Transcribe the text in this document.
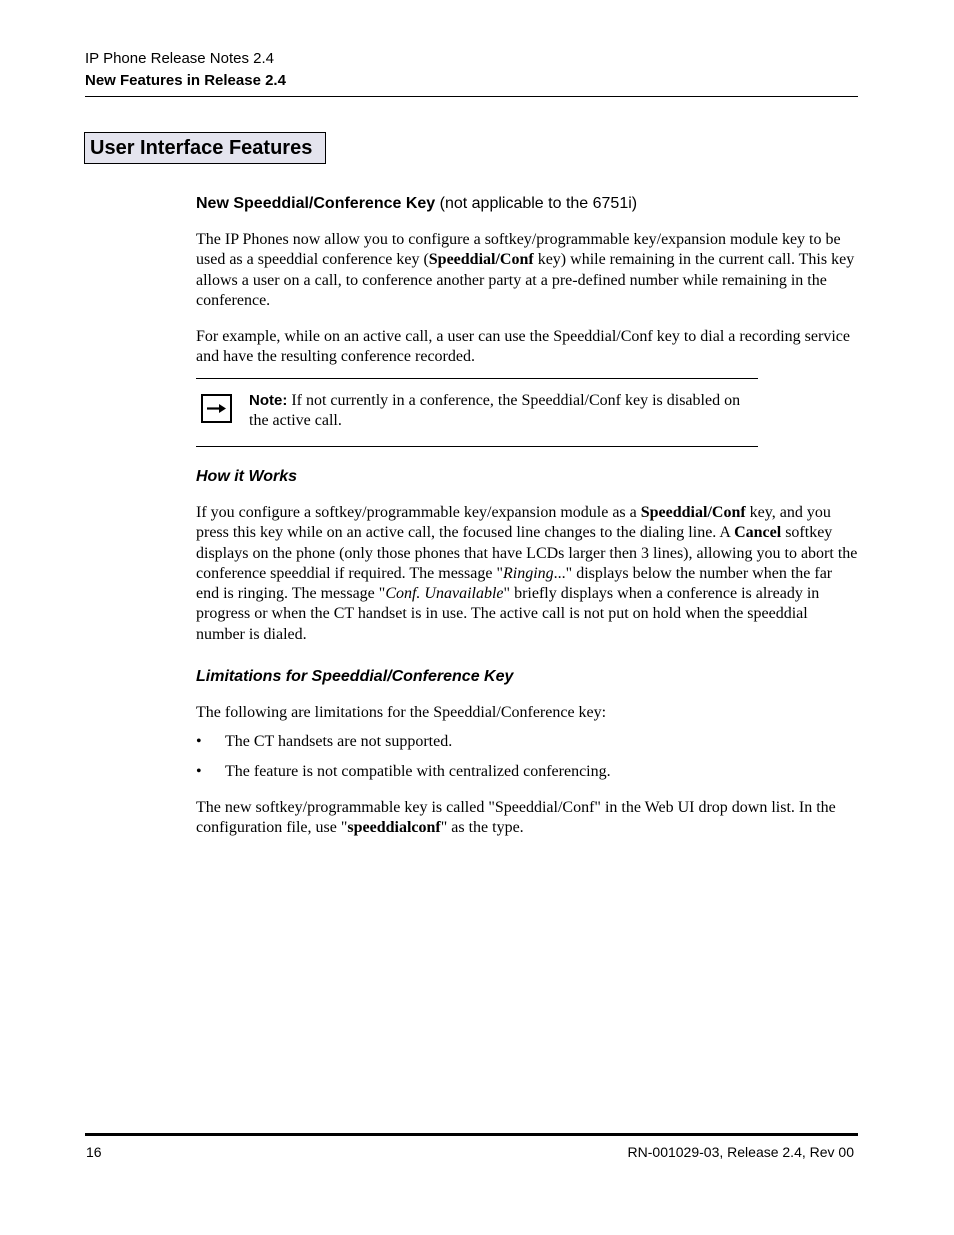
IP Phone Release Notes 2.4
New Features in Release 2.4
User Interface Features
New Speeddial/Conference Key (not applicable to the 6751i)
The IP Phones now allow you to configure a softkey/programmable key/expansion module key to be used as a speeddial conference key (Speeddial/Conf key) while remaining in the current call. This key allows a user on a call, to conference another party at a pre-defined number while remaining in the conference.
For example, while on an active call, a user can use the Speeddial/Conf key to dial a recording service and have the resulting conference recorded.
Note: If not currently in a conference, the Speeddial/Conf key is disabled on the active call.
How it Works
If you configure a softkey/programmable key/expansion module as a Speeddial/Conf key, and you press this key while on an active call, the focused line changes to the dialing line. A Cancel softkey displays on the phone (only those phones that have LCDs larger then 3 lines), allowing you to abort the conference speeddial if required. The message "Ringing..." displays below the number when the far end is ringing. The message "Conf. Unavailable" briefly displays when a conference is already in progress or when the CT handset is in use. The active call is not put on hold when the speeddial number is dialed.
Limitations for Speeddial/Conference Key
The following are limitations for the Speeddial/Conference key:
• The CT handsets are not supported.
• The feature is not compatible with centralized conferencing.
The new softkey/programmable key is called "Speeddial/Conf" in the Web UI drop down list. In the configuration file, use "speeddialconf" as the type.
16	RN-001029-03, Release 2.4, Rev 00
